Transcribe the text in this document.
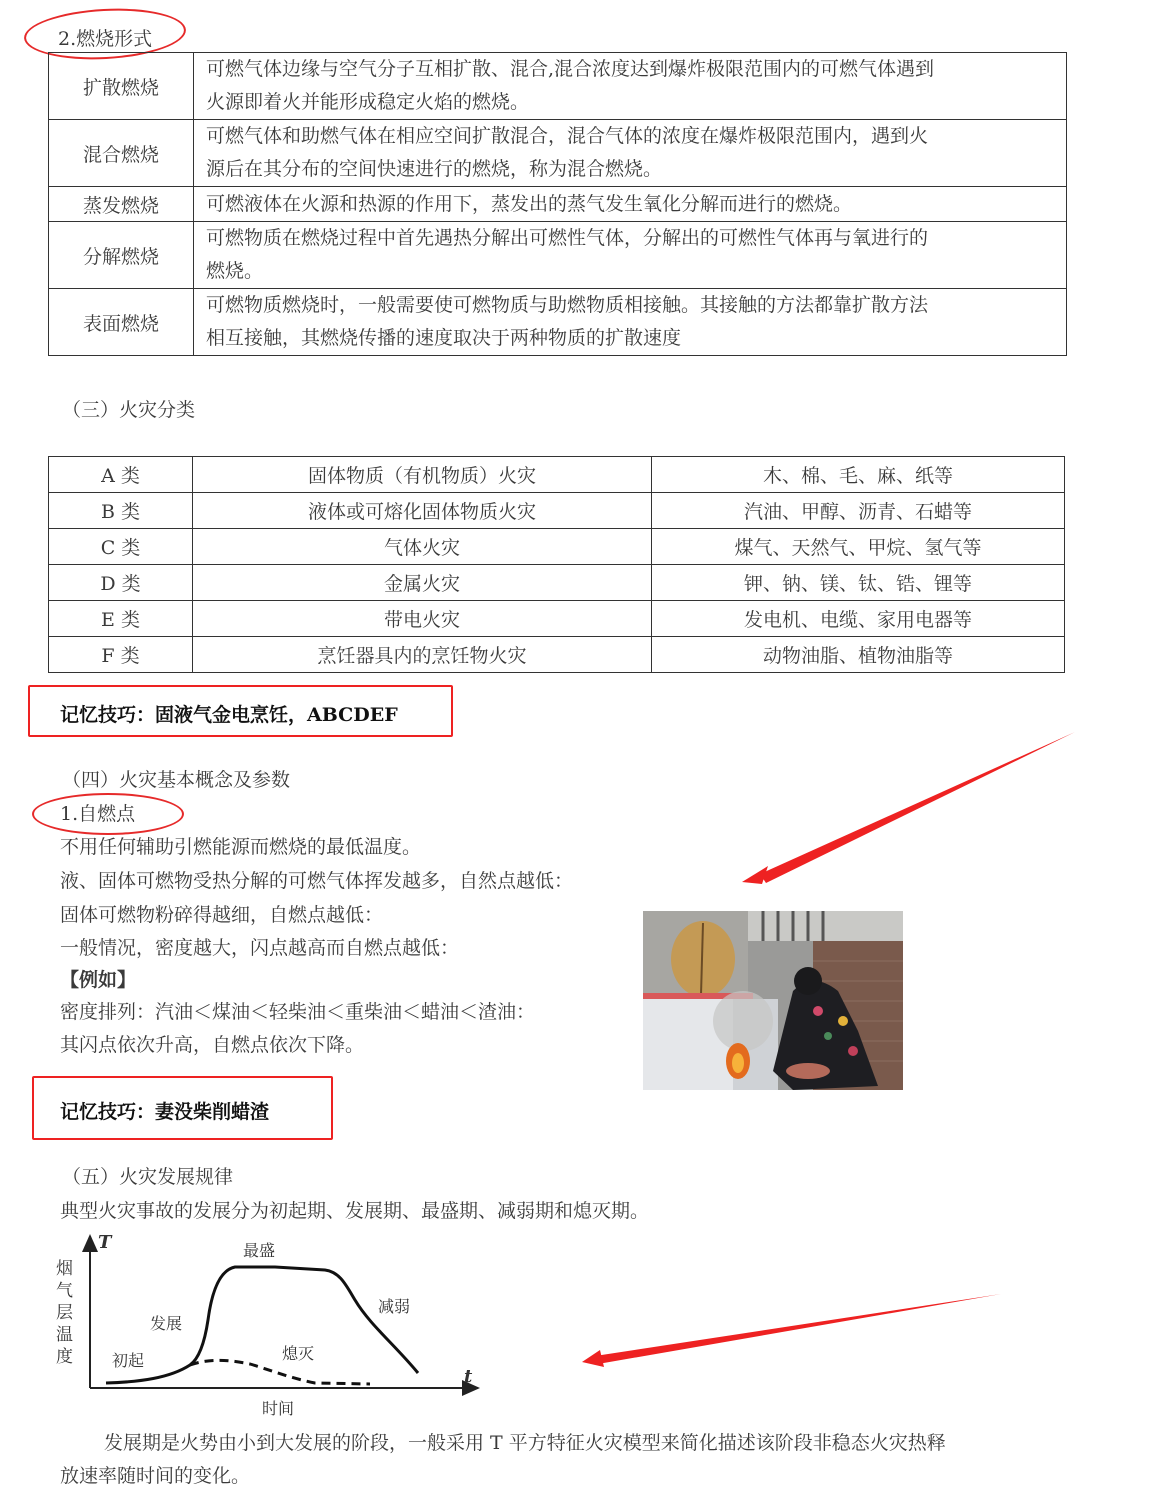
2.燃烧形式
扩散燃烧	可燃气体边缘与空气分子互相扩散、混合,混合浓度达到爆炸极限范围内的可燃气体遇到
火源即着火并能形成稳定火焰的燃烧。

混合燃烧	可燃气体和助燃气体在相应空间扩散混合，混合气体的浓度在爆炸极限范围内，遇到火
源后在其分布的空间快速进行的燃烧，称为混合燃烧。

蒸发燃烧	可燃液体在火源和热源的作用下，蒸发出的蒸气发生氧化分解而进行的燃烧。

分解燃烧	可燃物质在燃烧过程中首先遇热分解出可燃性气体，分解出的可燃性气体再与氧进行的
燃烧。

表面燃烧	可燃物质燃烧时，一般需要使可燃物质与助燃物质相接触。其接触的方法都靠扩散方法
相互接触，其燃烧传播的速度取决于两种物质的扩散速度
（三）火灾分类
A 类	固体物质（有机物质）火灾	木、棉、毛、麻、纸等
B 类	液体或可熔化固体物质火灾	汽油、甲醇、沥青、石蜡等
C 类	气体火灾	煤气、天然气、甲烷、氢气等
D 类	金属火灾	钾、钠、镁、钛、锆、锂等
E 类	带电火灾	发电机、电缆、家用电器等
F 类	烹饪器具内的烹饪物火灾	动物油脂、植物油脂等
记忆技巧：固液气金电烹饪，ABCDEF
（四）火灾基本概念及参数
1.自燃点
不用任何辅助引燃能源而燃烧的最低温度。
液、固体可燃物受热分解的可燃气体挥发越多，自然点越低：
固体可燃物粉碎得越细，自燃点越低：
一般情况，密度越大，闪点越高而自燃点越低：
【例如】
密度排列：汽油＜煤油＜轻柴油＜重柴油＜蜡油＜渣油：
其闪点依次升高，自燃点依次下降。
记忆技巧：妻没柴削蜡渣
（五）火灾发展规律
典型火灾事故的发展分为初起期、发展期、最盛期、减弱期和熄灭期。
T
t
烟气层温度
时间
初起
发展
最盛
减弱
熄灭
发展期是火势由小到大发展的阶段，一般采用 T 平方特征火灾模型来简化描述该阶段非稳态火灾热释
放速率随时间的变化。
